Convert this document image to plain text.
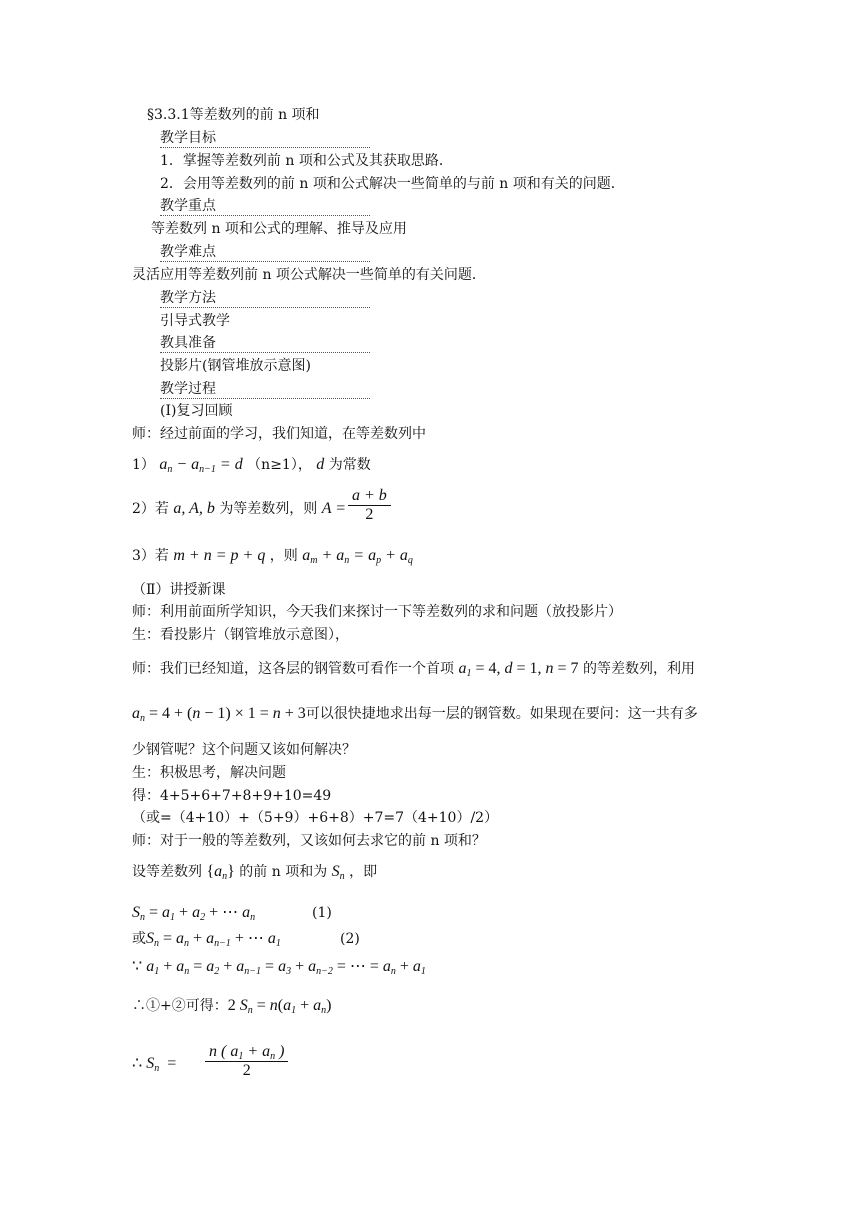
§3.3.1等差数列的前 n 项和
教学目标
1．掌握等差数列前 n 项和公式及其获取思路．
2．会用等差数列的前 n 项和公式解决一些简单的与前 n 项和有关的问题．
教学重点
等差数列 n 项和公式的理解、推导及应用
教学难点
灵活应用等差数列前 n 项公式解决一些简单的有关问题．
教学方法
引导式教学
教具准备
投影片(钢管堆放示意图)
教学过程
(I)复习回顾
师：经过前面的学习，我们知道，在等差数列中
1） $a_n - a_{n-1} = d$ （n≥1）， d 为常数
2）若 a, A, b 为等差数列，则 $A = \frac{a + b}{2}$
3）若 m + n = p + q ，则 $a_m + a_n = a_p + a_q$
（Ⅱ）讲授新课
师：利用前面所学知识，今天我们来探讨一下等差数列的求和问题（放投影片）
生：看投影片（钢管堆放示意图），
师：我们已经知道，这各层的钢管数可看作一个首项 $a_1 = 4$, d = 1, n = 7 的等差数列，利用
$a_n = 4 + (n - 1) \times 1 = n + 3$可以很快捷地求出每一层的钢管数。如果现在要问：这一共有多
少钢管呢？这个问题又该如何解决？
生：积极思考，解决问题
得：4+5+6+7+8+9+10=49
（或=（4+10）+（5+9）+6+8）+7=7（4+10）/2）
师：对于一般的等差数列，又该如何去求它的前 n 项和？
设等差数列 $\{a_n\}$ 的前 n 项和为 $S_n$ ，即
$S_n = a_1 + a_2$ + ⋯ $a_n$	(1)
或$S_n = a_n + a_{n-1}$ + ⋯ $a_1$	(2)
∵ $a_1 + a_n = a_2 + a_{n-1} = a_3 + a_{n-2}$ = ⋯ = $a_n + a_1$
∴①+②可得：2 $S_n = n(a_1 + a_n)$
∴ $S_n = \frac{n ( a_1 + a_n )}{2}$
